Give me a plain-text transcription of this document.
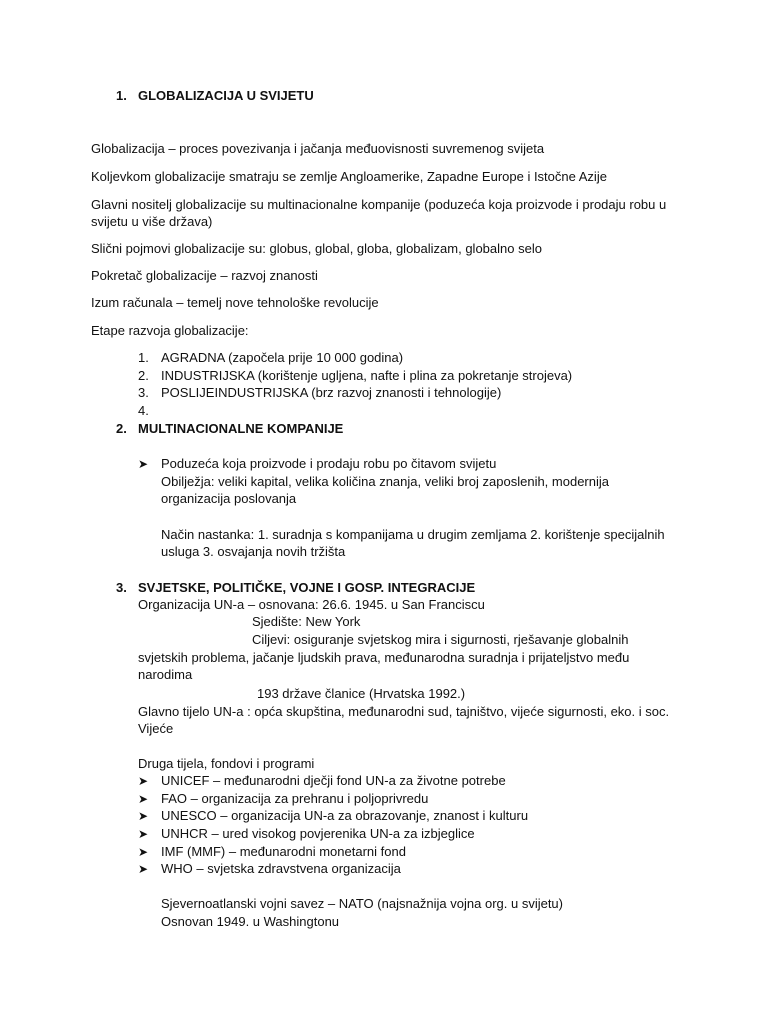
1. GLOBALIZACIJA U SVIJETU
Globalizacija – proces povezivanja i jačanja međuovisnosti suvremenog svijeta
Koljevkom globalizacije smatraju se zemlje Angloamerike, Zapadne Europe i Istočne Azije
Glavni nositelj globalizacije su multinacionalne kompanije (poduzeća koja proizvode i prodaju robu u
svijetu u više država)
Slični pojmovi globalizacije su: globus, global, globa, globalizam, globalno selo
Pokretač globalizacije – razvoj znanosti
Izum računala – temelj nove tehnološke revolucije
Etape razvoja globalizacije:
1. AGRADNA (započela prije 10 000 godina)
2. INDUSTRIJSKA (korištenje ugljena, nafte i plina za pokretanje strojeva)
3. POSLIJEINDUSTRIJSKA (brz razvoj znanosti i tehnologije)
4.
2. MULTINACIONALNE KOMPANIJE
➤ Poduzeća koja proizvode i prodaju robu po čitavom svijetu
Obilježja: veliki kapital, velika količina znanja, veliki broj zaposlenih, modernija
organizacija poslovanja
Način nastanka: 1. suradnja s kompanijama u drugim zemljama 2. korištenje specijalnih
usluga 3. osvajanja novih tržišta
3. SVJETSKE, POLITIČKE, VOJNE I GOSP. INTEGRACIJE
Organizacija UN-a – osnovana: 26.6. 1945. u San Franciscu
Sjedište: New York
Ciljevi: osiguranje svjetskog mira i sigurnosti, rješavanje globalnih
svjetskih problema, jačanje ljudskih prava, međunarodna suradnja i prijateljstvo među
narodima
193 države članice (Hrvatska 1992.)
Glavno tijelo UN-a : opća skupština, međunarodni sud, tajništvo, vijeće sigurnosti, eko. i soc.
Vijeće
Druga tijela, fondovi i programi
➤ UNICEF – međunarodni dječji fond UN-a za životne potrebe
➤ FAO – organizacija za prehranu i poljoprivredu
➤ UNESCO – organizacija UN-a za obrazovanje, znanost i kulturu
➤ UNHCR – ured visokog povjerenika UN-a za izbjeglice
➤ IMF (MMF) – međunarodni monetarni fond
➤ WHO – svjetska zdravstvena organizacija
Sjevernoatlanski vojni savez – NATO (najsnažnija vojna org. u svijetu)
Osnovan 1949. u Washingtonu
